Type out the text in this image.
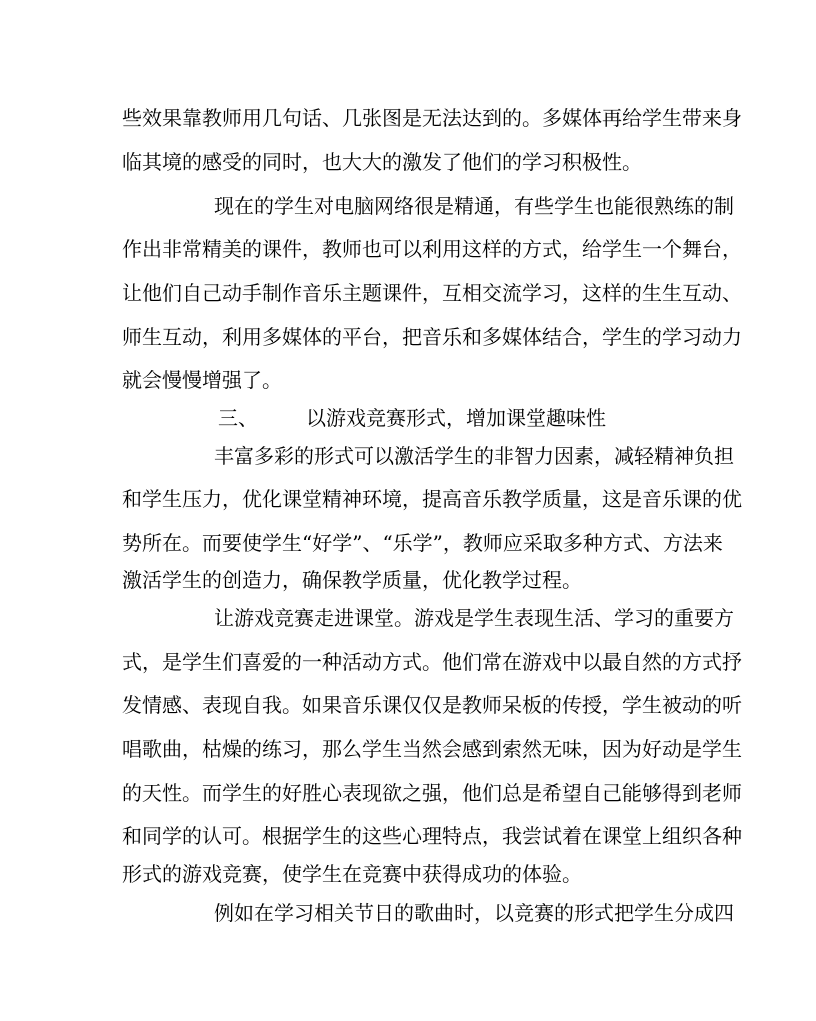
些效果靠教师用几句话、几张图是无法达到的。多媒体再给学生带来身
临其境的感受的同时，也大大的激发了他们的学习积极性。
现在的学生对电脑网络很是精通，有些学生也能很熟练的制
作出非常精美的课件，教师也可以利用这样的方式，给学生一个舞台，
让他们自己动手制作音乐主题课件，互相交流学习，这样的生生互动、
师生互动，利用多媒体的平台，把音乐和多媒体结合，学生的学习动力
就会慢慢增强了。
三、 以游戏竞赛形式，增加课堂趣味性
丰富多彩的形式可以激活学生的非智力因素，减轻精神负担
和学生压力，优化课堂精神环境，提高音乐教学质量，这是音乐课的优
势所在。而要使学生“好学”、“乐学”，教师应采取多种方式、方法来
激活学生的创造力，确保教学质量，优化教学过程。
让游戏竞赛走进课堂。游戏是学生表现生活、学习的重要方
式，是学生们喜爱的一种活动方式。他们常在游戏中以最自然的方式抒
发情感、表现自我。如果音乐课仅仅是教师呆板的传授，学生被动的听
唱歌曲，枯燥的练习，那么学生当然会感到索然无味，因为好动是学生
的天性。而学生的好胜心表现欲之强，他们总是希望自己能够得到老师
和同学的认可。根据学生的这些心理特点，我尝试着在课堂上组织各种
形式的游戏竞赛，使学生在竞赛中获得成功的体验。
例如在学习相关节日的歌曲时，以竞赛的形式把学生分成四
